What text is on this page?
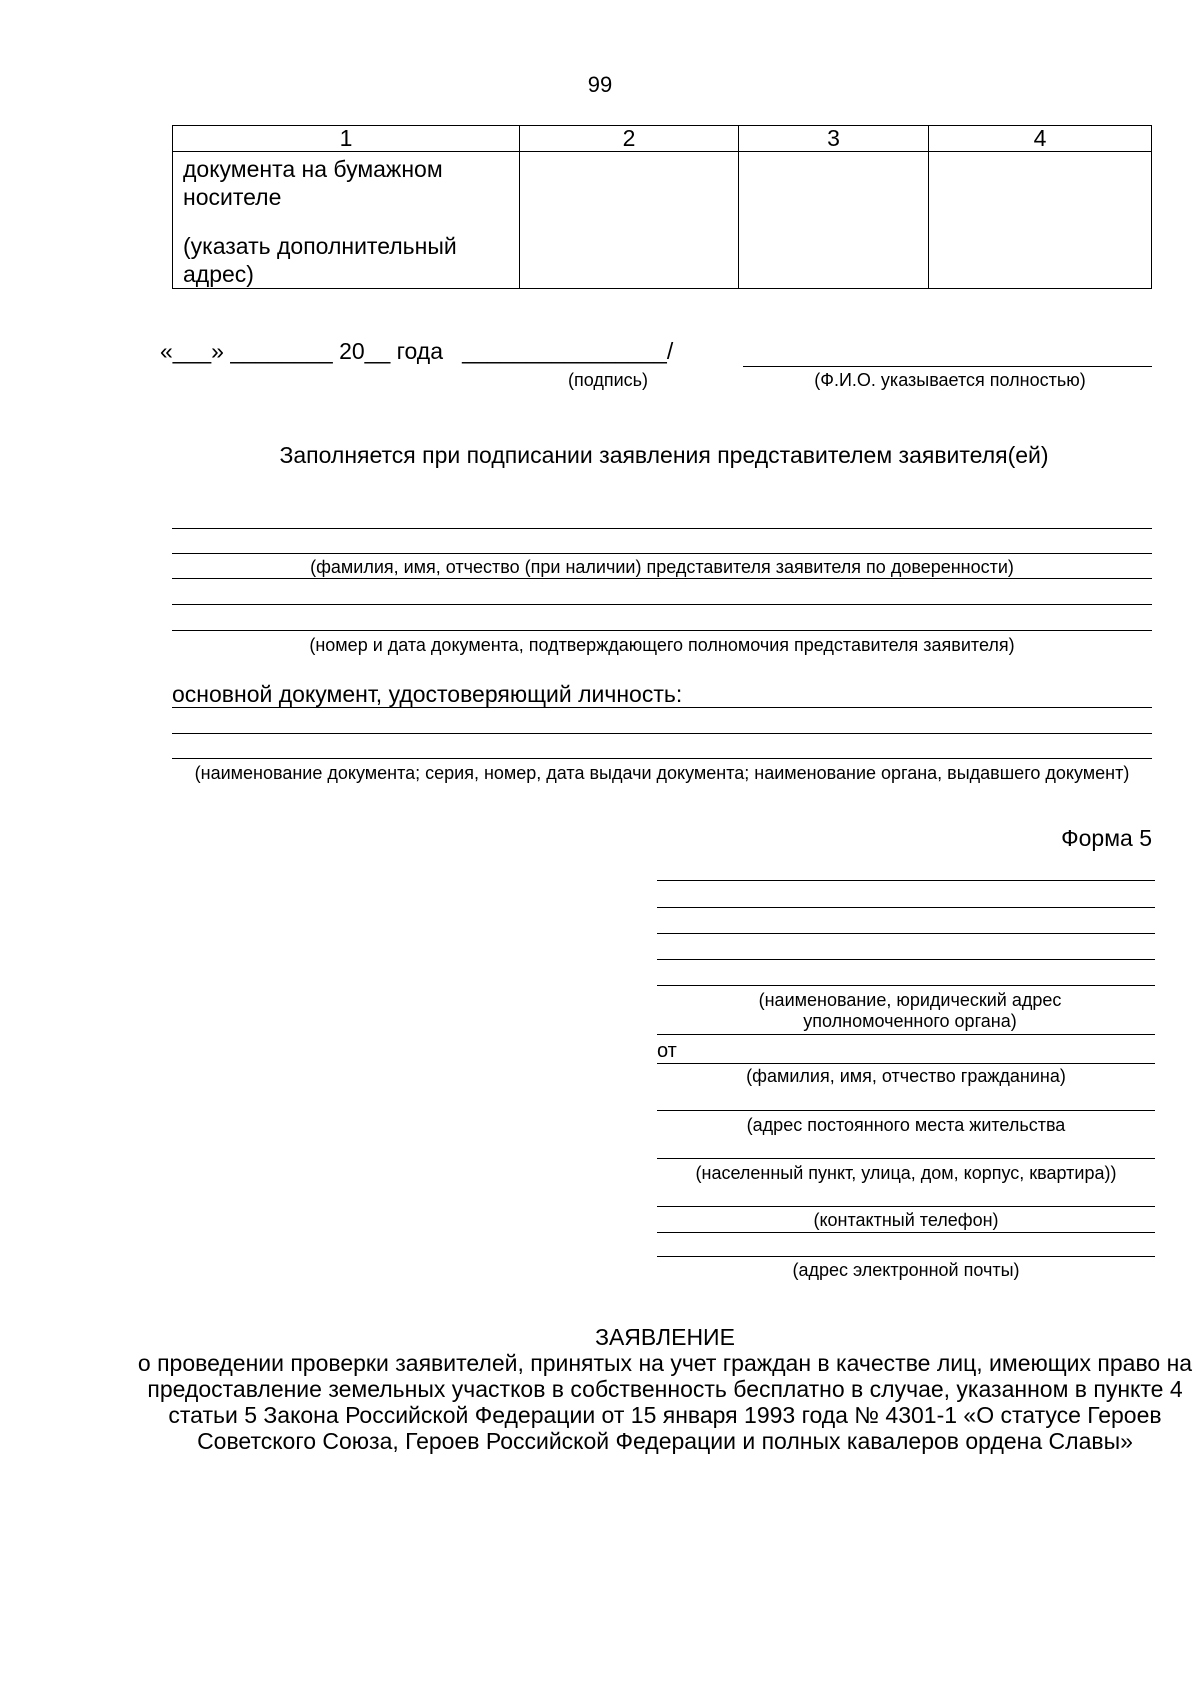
99
1	2	3	4

документа на бумажном носителе
(указать дополнительный адрес)			

«___» ________ 20__ года   ________________/
(подпись)	(Ф.И.О. указывается полностью)
Заполняется при подписании заявления представителем заявителя(ей)
(фамилия, имя, отчество (при наличии) представителя заявителя по доверенности)
(номер и дата документа, подтверждающего полномочия представителя заявителя)
основной документ, удостоверяющий личность:
(наименование документа; серия, номер, дата выдачи документа; наименование органа, выдавшего документ)
Форма 5
(наименование, юридический адрес уполномоченного органа)
от
(фамилия, имя, отчество гражданина)
(адрес постоянного места жительства
(населенный пункт, улица, дом, корпус, квартира))
(контактный телефон)
(адрес электронной почты)
ЗАЯВЛЕНИЕ
о проведении проверки заявителей, принятых на учет граждан в качестве лиц, имеющих право на предоставление земельных участков в собственность бесплатно в случае, указанном в пункте 4 статьи 5 Закона Российской Федерации от 15 января 1993 года № 4301-1 «О статусе Героев Советского Союза, Героев Российской Федерации и полных кавалеров ордена Славы»
